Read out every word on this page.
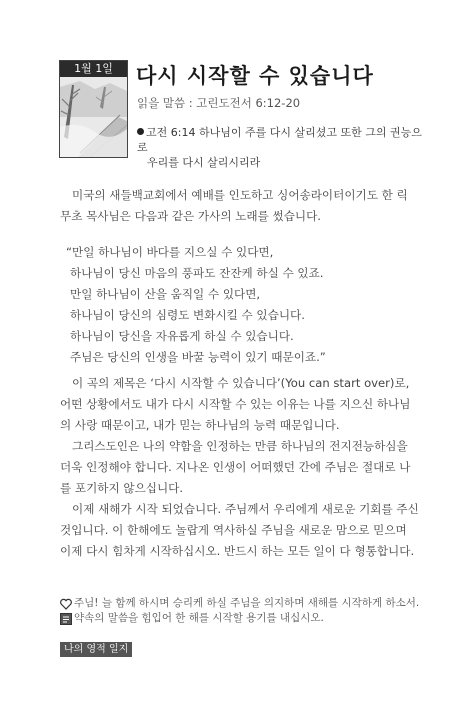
1월 1일	다시 시작할 수 있습니다
읽을 말씀 : 고린도전서 6:12-20
고전 6:14 하나님이 주를 다시 살리셨고 또한 그의 권능으로
우리를 다시 살리시리라

미국의 새들백교회에서 예배를 인도하고 싱어송라이터이기도 한 릭
무초 목사님은 다음과 같은 가사의 노래를 썼습니다.

“만일 하나님이 바다를 지으실 수 있다면,
하나님이 당신 마음의 풍파도 잔잔케 하실 수 있죠.
만일 하나님이 산을 움직일 수 있다면,
하나님이 당신의 심령도 변화시킬 수 있습니다.
하나님이 당신을 자유롭게 하실 수 있습니다.
주님은 당신의 인생을 바꿀 능력이 있기 때문이죠.”

이 곡의 제목은 ‘다시 시작할 수 있습니다’(You can start over)로,
어떤 상황에서도 내가 다시 시작할 수 있는 이유는 나를 지으신 하나님
의 사랑 때문이고, 내가 믿는 하나님의 능력 때문입니다.
그리스도인은 나의 약함을 인정하는 만큼 하나님의 전지전능하심을
더욱 인정해야 합니다. 지나온 인생이 어떠했던 간에 주님은 절대로 나
를 포기하지 않으십니다.
이제 새해가 시작 되었습니다. 주님께서 우리에게 새로운 기회를 주신
것입니다. 이 한해에도 놀랍게 역사하실 주님을 새로운 맘으로 믿으며
이제 다시 힘차게 시작하십시오. 반드시 하는 모든 일이 다 형통합니다.

주님! 늘 함께 하시며 승리케 하실 주님을 의지하며 새해를 시작하게 하소서.
약속의 말씀을 힘입어 한 해를 시작할 용기를 내십시오.
나의 영적 일지
